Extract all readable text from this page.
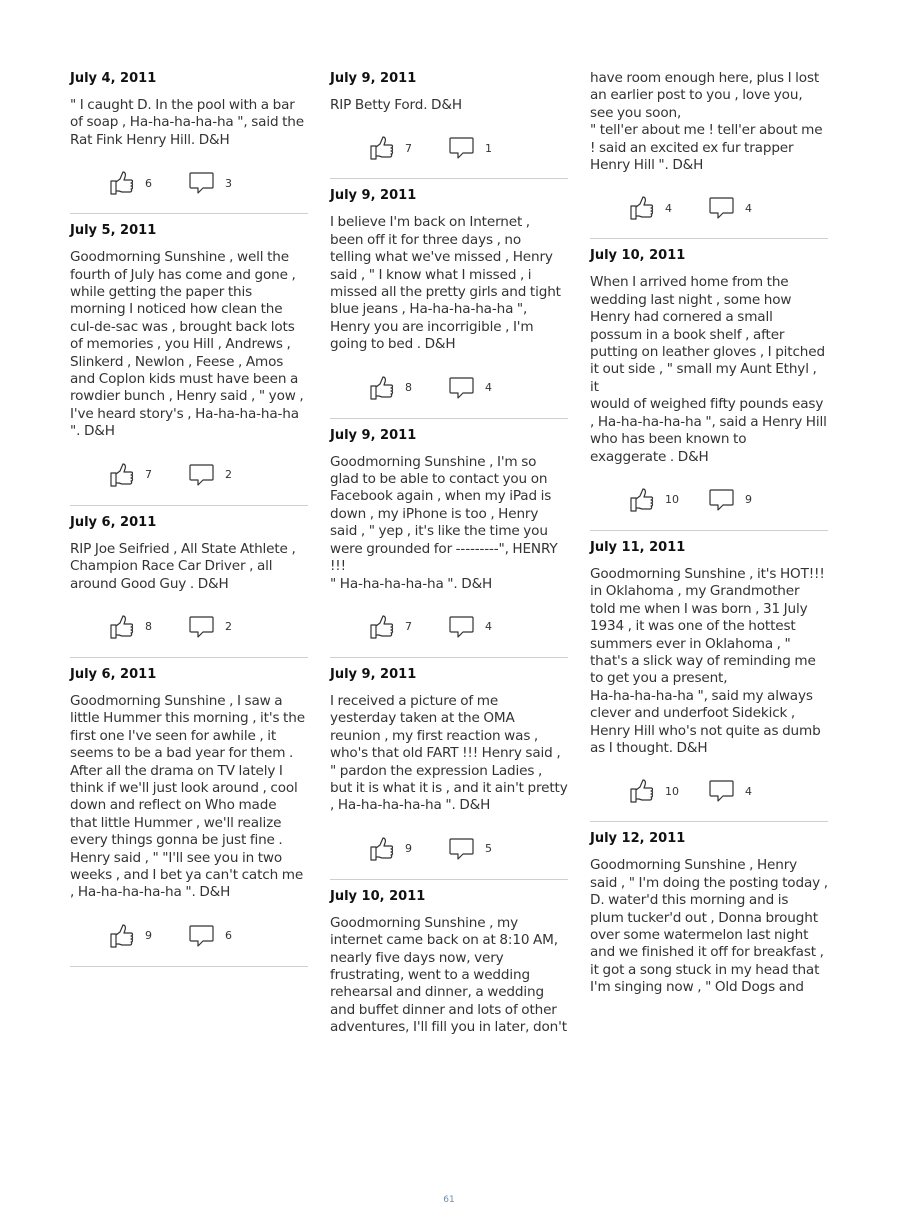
July 4, 2011

" I caught D. In the pool with a bar
of soap , Ha-ha-ha-ha-ha ", said the
Rat Fink Henry Hill. D&H

6	3
July 5, 2011

Goodmorning Sunshine , well the
fourth of July has come and gone ,
while getting the paper this
morning I noticed how clean the
cul-de-sac was , brought back lots
of memories , you Hill , Andrews ,
Slinkerd , Newlon , Feese , Amos
and Coplon kids must have been a
rowdier bunch , Henry said , " yow ,
I've heard story's , Ha-ha-ha-ha-ha
". D&H

7	2
July 6, 2011

RIP Joe Seifried , All State Athlete ,
Champion Race Car Driver , all
around Good Guy . D&H

8	2
July 6, 2011

Goodmorning Sunshine , I saw a
little Hummer this morning , it's the
first one I've seen for awhile , it
seems to be a bad year for them .
After all the drama on TV lately I
think if we'll just look around , cool
down and reflect on Who made
that little Hummer , we'll realize
every things gonna be just fine .
Henry said , " "I'll see you in two
weeks , and I bet ya can't catch me
, Ha-ha-ha-ha-ha ". D&H

9	6
July 9, 2011

RIP Betty Ford. D&H

7	1
July 9, 2011

I believe I'm back on Internet ,
been off it for three days , no
telling what we've missed , Henry
said , " I know what I missed , i
missed all the pretty girls and tight
blue jeans , Ha-ha-ha-ha-ha ",
Henry you are incorrigible , I'm
going to bed . D&H

8	4
July 9, 2011

Goodmorning Sunshine , I'm so
glad to be able to contact you on
Facebook again , when my iPad is
down , my iPhone is too , Henry
said , " yep , it's like the time you
were grounded for ---------", HENRY
!!!
" Ha-ha-ha-ha-ha ". D&H

7	4
July 9, 2011

I received a picture of me
yesterday taken at the OMA
reunion , my first reaction was ,
who's that old FART !!! Henry said ,
" pardon the expression Ladies ,
but it is what it is , and it ain't pretty
, Ha-ha-ha-ha-ha ". D&H

9	5
July 10, 2011

Goodmorning Sunshine , my
internet came back on at 8:10 AM,
nearly five days now, very
frustrating, went to a wedding
rehearsal and dinner, a wedding
and buffet dinner and lots of other
adventures, I'll fill you in later, don't

have room enough here, plus I lost
an earlier post to you , love you,
see you soon,
" tell'er about me ! tell'er about me
! said an excited ex fur trapper
Henry Hill ". D&H

4	4
July 10, 2011

When I arrived home from the
wedding last night , some how
Henry had cornered a small
possum in a book shelf , after
putting on leather gloves , I pitched
it out side , " small my Aunt Ethyl , it
would of weighed fifty pounds easy
, Ha-ha-ha-ha-ha ", said a Henry Hill
who has been known to
exaggerate . D&H

10	9
July 11, 2011

Goodmorning Sunshine , it's HOT!!!
in Oklahoma , my Grandmother
told me when I was born , 31 July
1934 , it was one of the hottest
summers ever in Oklahoma , "
that's a slick way of reminding me
to get you a present,
Ha-ha-ha-ha-ha ", said my always
clever and underfoot Sidekick ,
Henry Hill who's not quite as dumb
as I thought. D&H

10	4
July 12, 2011

Goodmorning Sunshine , Henry
said , " I'm doing the posting today ,
D. water'd this morning and is
plum tucker'd out , Donna brought
over some watermelon last night
and we finished it off for breakfast ,
it got a song stuck in my head that
I'm singing now , " Old Dogs and

61
